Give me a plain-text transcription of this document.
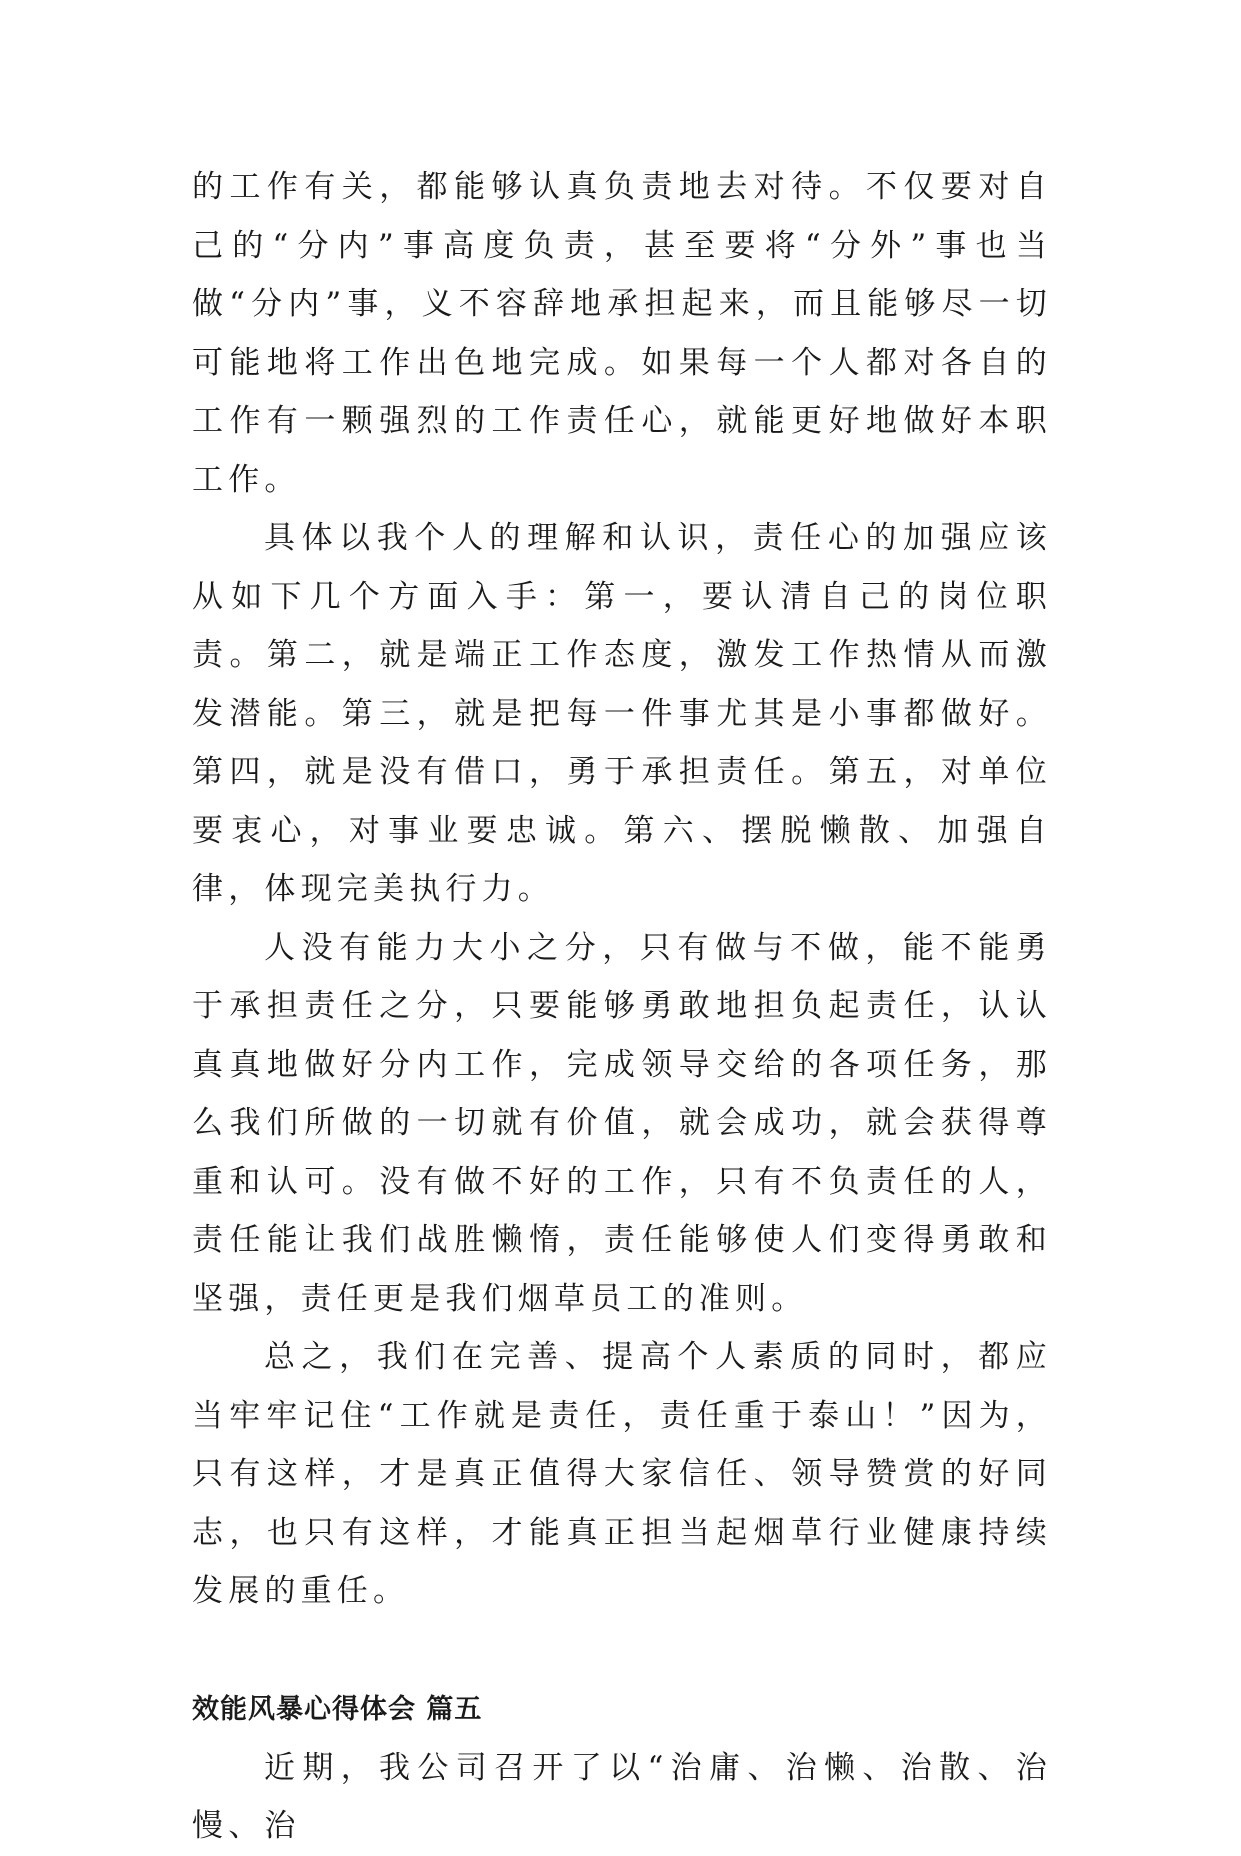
的工作有关，都能够认真负责地去对待。不仅要对自己的“分内”事高度负责，甚至要将“分外”事也当做“分内”事，义不容辞地承担起来，而且能够尽一切可能地将工作出色地完成。如果每一个人都对各自的工作有一颗强烈的工作责任心，就能更好地做好本职工作。

具体以我个人的理解和认识，责任心的加强应该从如下几个方面入手：第一，要认清自己的岗位职责。第二，就是端正工作态度，激发工作热情从而激发潜能。第三，就是把每一件事尤其是小事都做好。第四，就是没有借口，勇于承担责任。第五，对单位要衷心，对事业要忠诚。第六、摆脱懒散、加强自律，体现完美执行力。

人没有能力大小之分，只有做与不做，能不能勇于承担责任之分，只要能够勇敢地担负起责任，认认真真地做好分内工作，完成领导交给的各项任务，那么我们所做的一切就有价值，就会成功，就会获得尊重和认可。没有做不好的工作，只有不负责任的人，责任能让我们战胜懒惰，责任能够使人们变得勇敢和坚强，责任更是我们烟草员工的准则。

总之，我们在完善、提高个人素质的同时，都应当牢牢记住“工作就是责任，责任重于泰山！”因为，只有这样，才是真正值得大家信任、领导赞赏的好同志，也只有这样，才能真正担当起烟草行业健康持续发展的重任。

效能风暴心得体会 篇五

近期，我公司召开了以“治庸、治懒、治散、治慢、治
